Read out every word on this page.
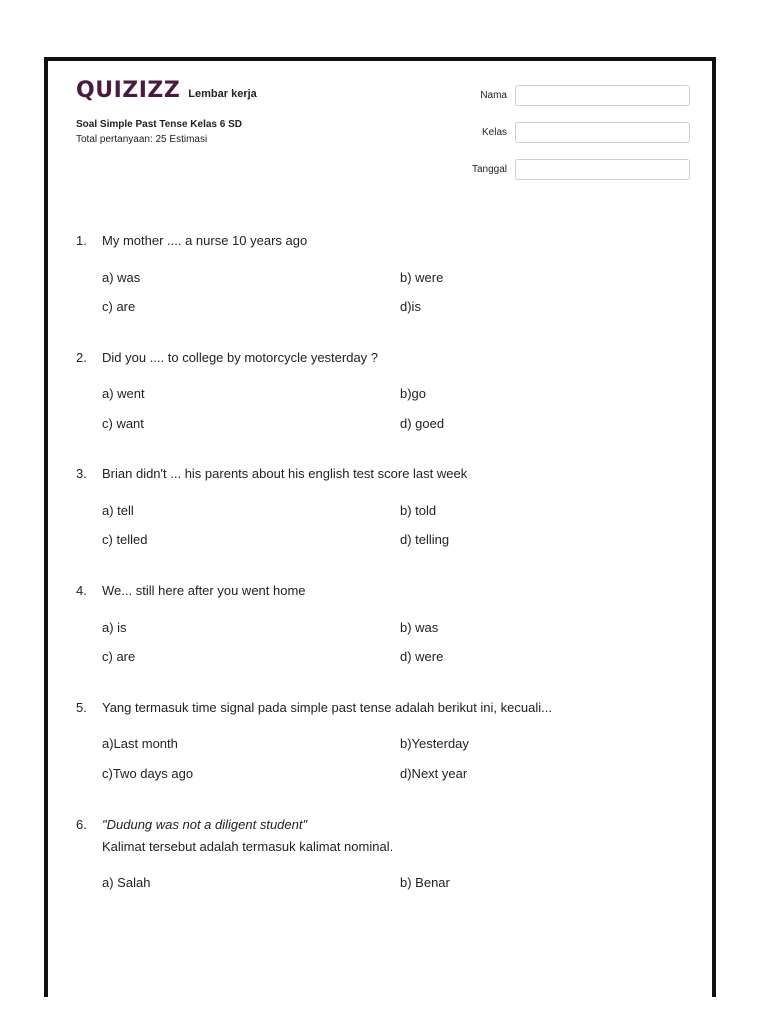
QUIZIZZ Lembar kerja
Soal Simple Past Tense Kelas 6 SD
Total pertanyaan: 25 Estimasi
Nama
Kelas
Tanggal
1. My mother .... a nurse 10 years ago
a) was	b) were
c) are	d)is
2. Did you .... to college by motorcycle yesterday ?
a) went	b)go
c) want	d) goed
3. Brian didn't ... his parents about his english test score last week
a) tell	b) told
c) telled	d) telling
4. We... still here after you went home
a) is	b) was
c) are	d) were
5. Yang termasuk time signal pada simple past tense adalah berikut ini, kecuali...
a)Last month	b)Yesterday
c)Two days ago	d)Next year
6. "Dudung was not a diligent student"
Kalimat tersebut adalah termasuk kalimat nominal.
a) Salah	b) Benar
